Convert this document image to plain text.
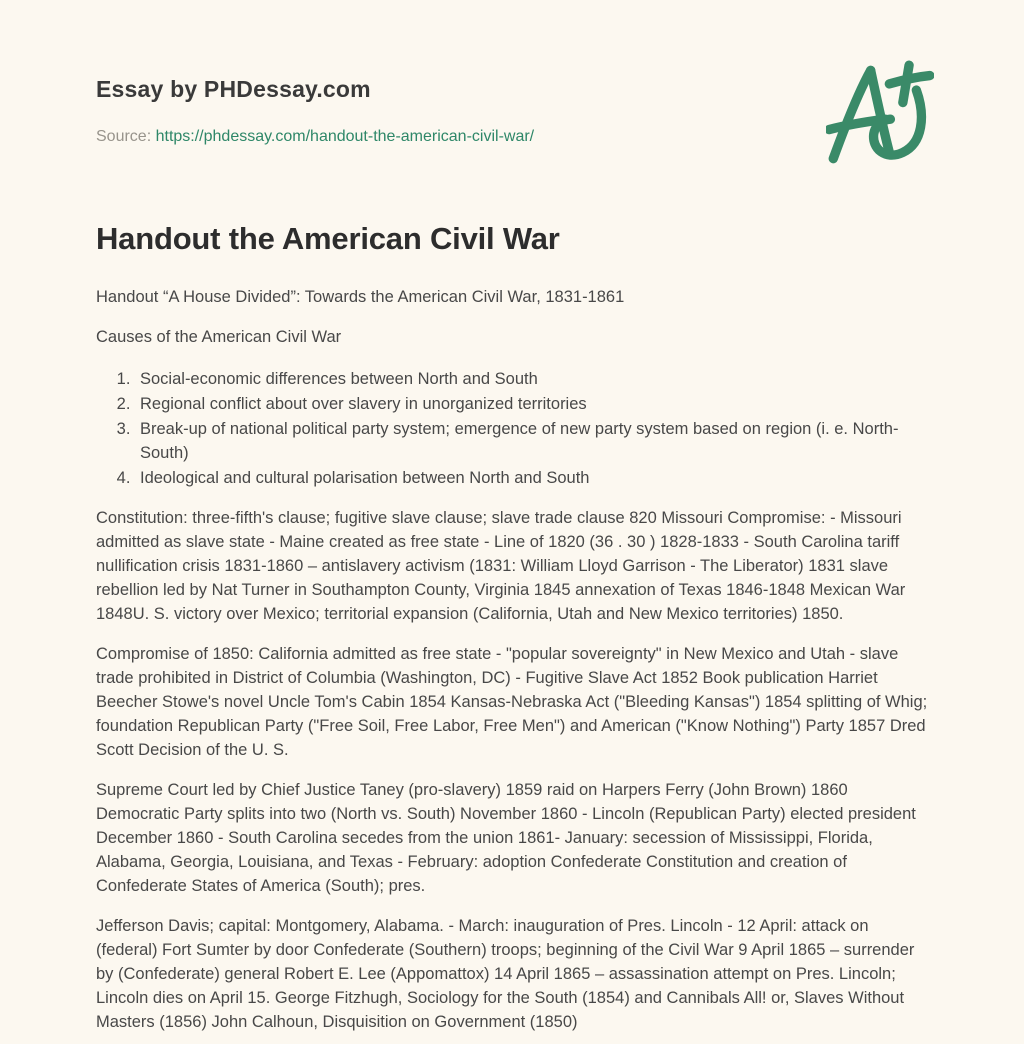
Essay by PHDessay.com
Source: https://phdessay.com/handout-the-american-civil-war/
Handout the American Civil War

Handout “A House Divided”: Towards the American Civil War, 1831-1861

Causes of the American Civil War

1. Social-economic differences between North and South
2. Regional conflict about over slavery in unorganized territories
3. Break-up of national political party system; emergence of new party system based on region (i. e. North-South)
4. Ideological and cultural polarisation between North and South

Constitution: three-fifth's clause; fugitive slave clause; slave trade clause 820 Missouri Compromise: - Missouri admitted as slave state - Maine created as free state - Line of 1820 (36 . 30 ) 1828-1833 - South Carolina tariff nullification crisis 1831-1860 – antislavery activism (1831: William Lloyd Garrison - The Liberator) 1831 slave rebellion led by Nat Turner in Southampton County, Virginia 1845 annexation of Texas 1846-1848 Mexican War 1848U. S. victory over Mexico; territorial expansion (California, Utah and New Mexico territories) 1850.

Compromise of 1850: California admitted as free state - "popular sovereignty" in New Mexico and Utah - slave trade prohibited in District of Columbia (Washington, DC) - Fugitive Slave Act 1852 Book publication Harriet Beecher Stowe's novel Uncle Tom's Cabin 1854 Kansas-Nebraska Act ("Bleeding Kansas") 1854 splitting of Whig; foundation Republican Party ("Free Soil, Free Labor, Free Men") and American ("Know Nothing") Party 1857 Dred Scott Decision of the U. S.

Supreme Court led by Chief Justice Taney (pro-slavery) 1859 raid on Harpers Ferry (John Brown) 1860 Democratic Party splits into two (North vs. South) November 1860 - Lincoln (Republican Party) elected president December 1860 - South Carolina secedes from the union 1861- January: secession of Mississippi, Florida, Alabama, Georgia, Louisiana, and Texas - February: adoption Confederate Constitution and creation of Confederate States of America (South); pres.

Jefferson Davis; capital: Montgomery, Alabama. - March: inauguration of Pres. Lincoln - 12 April: attack on (federal) Fort Sumter by door Confederate (Southern) troops; beginning of the Civil War 9 April 1865 – surrender by (Confederate) general Robert E. Lee (Appomattox) 14 April 1865 – assassination attempt on Pres. Lincoln; Lincoln dies on April 15. George Fitzhugh, Sociology for the South (1854) and Cannibals All! or, Slaves Without Masters (1856) John Calhoun, Disquisition on Government (1850)
